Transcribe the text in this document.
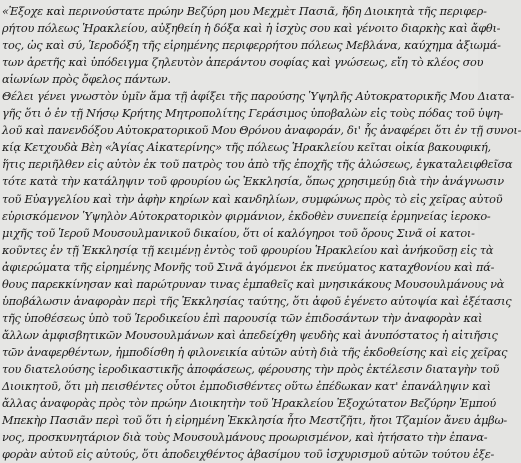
«Ἐξοχε καὶ περινούστατε πρώην Βεζύρη μου Μεχμὲτ Πασιᾶ, ἤδη Διοικητὰ τῆς περιφερ-
ρήτου πόλεως Ἡρακλείου, αὐξηθείη ἡ δόξα καὶ ἡ ἰσχὺς σου καὶ γένοιτο διαρκὴς καὶ ἄφθι-
τος, ὡς καὶ σύ, Ἱεροδόξη τῆς εἰρημένης περιφερρήτου πόλεως Μεβλάνα, καύχημα ἀξιωμά-
των ἀρετῆς καὶ ὑπόδειγμα ζηλευτὸν ἀπεράντου σοφίας καὶ γνώσεως, εἴη τὸ κλέος σου
αἰωνίων πρὸς ὄφελος πάντων.
Θέλει γένει γνωστὸν ὑμῖν ἅμα τῇ ἀφίξει τῆς παρούσης Ὑψηλῆς Αὐτοκρατορικῆς Μου Διατα-
γῆς ὅτι ὁ ἐν τῇ Νήσῳ Κρήτης Μητροπολίτης Γεράσιμος ὑποβαλὼν εἰς τοὺς πόδας τοῦ ὑψη-
λοῦ καὶ πανενδόξου Αὐτοκρατορικοῦ Μου Θρόνου ἀναφοράν, δι' ἧς ἀναφέρει ὅτι ἐν τῇ συνοι-
κίᾳ Κετχουδὰ Βὲη «Ἁγίας Αἰκατερίνης» τῆς πόλεως Ἡρακλείου κεῖται οἰκία βακουφική,
ἥτις περιῆλθεν εἰς αὐτὸν ἐκ τοῦ πατρὸς του ἀπὸ τῆς ἐποχῆς τῆς ἁλώσεως, ἐγκαταλειφθεῖσα
τότε κατὰ τὴν κατάληψιν τοῦ φρουρίου ὡς Ἐκκλησία, ὅπως χρησιμεύῃ διὰ τὴν ἀνάγνωσιν
τοῦ Εὐαγγελίου καὶ τὴν ἀφὴν κηρίων καὶ κανδηλίων, συμφώνως πρὸς τὸ εἰς χεῖρας αὐτοῦ
εὑρισκόμενον Ὑψηλὸν Αὐτοκρατορικὸν φιρμάνιον, ἐκδοθὲν συνεπείᾳ ἑρμηνείας ἱεροκο-
μιχῆς τοῦ Ἱεροῦ Μουσουλμανικοῦ δικαίου, ὅτι οἱ καλόγηροι τοῦ ὄρους Σινᾶ οἱ κατοι-
κοῦντες ἐν τῇ Ἐκκλησίᾳ τῇ κειμένῃ ἐντὸς τοῦ φρουρίου Ἡρακλείου καὶ ἀνήκοῦσῃ εἰς τὰ
ἀφιερώματα τῆς εἰρημένης Μονῆς τοῦ Σινᾶ ἀγόμενοι ἐκ πνεύματος καταχθονίου καὶ πά-
θους παρεκκίνησαν καὶ παρώτρυναν τινας ἐμπαθεῖς καὶ μνησικάκους Μουσουλμάνους νὰ
ὑποβάλωσιν ἀναφορὰν περὶ τῆς Ἐκκλησίας ταύτης, ὅτι ἀφοῦ ἐγένετο αὐτοψία καὶ ἐξέτασις
τῆς ὑποθέσεως ὑπὸ τοῦ Ἱεροδικείου ἐπὶ παρουσίᾳ τῶν ἐπιδοσάντων τὴν ἀναφορὰν καὶ
ἄλλων ἀμφισβητικῶν Μουσουλμάνων καὶ ἀπεδείχθη ψευδὴς καὶ ἀνυπόστατος ἡ αἰτιῆσις
τῶν ἀναφερθέντων, ἠμποδίσθη ἡ φιλονεικία αὐτῶν αὐτὴ διὰ τῆς ἐκδοθείσης καὶ εἰς χεῖρας
του διατελούσης ἱεροδικαστικῆς ἀποφάσεως, φέρουσης τὴν πρὸς ἐκτέλεσιν διαταγὴν τοῦ
Διοικητοῦ, ὅτι μὴ πεισθέντες οὗτοι ἐμποδισθέντες οὕτω ἐπέδωκαν κατ' ἐπανάληψιν καὶ
ἄλλας ἀναφορὰς πρὸς τὸν πρώην Διοικητὴν τοῦ Ἡρακλείου Ἐξοχώτατον Βεζύρην Ἐμπού
Μπεκὴρ Πασιᾶν περὶ τοῦ ὅτι ἡ εἰρημένη Ἐκκλησία ἦτο Μεστζῆτι, ἤτοι Τζαμίον ἄνευ ἀμβω-
νος, προσκυνητάριον διὰ τοὺς Μουσουλμάνους προωρισμένον, καὶ ἠτήσατο τὴν ἐπανα-
φορὰν αὐτοῦ εἰς αὐτούς, ὅτι ἀποδειχθέντος ἀβασίμου τοῦ ἰσχυρισμοῦ αὐτῶν τούτου ἐξε-
